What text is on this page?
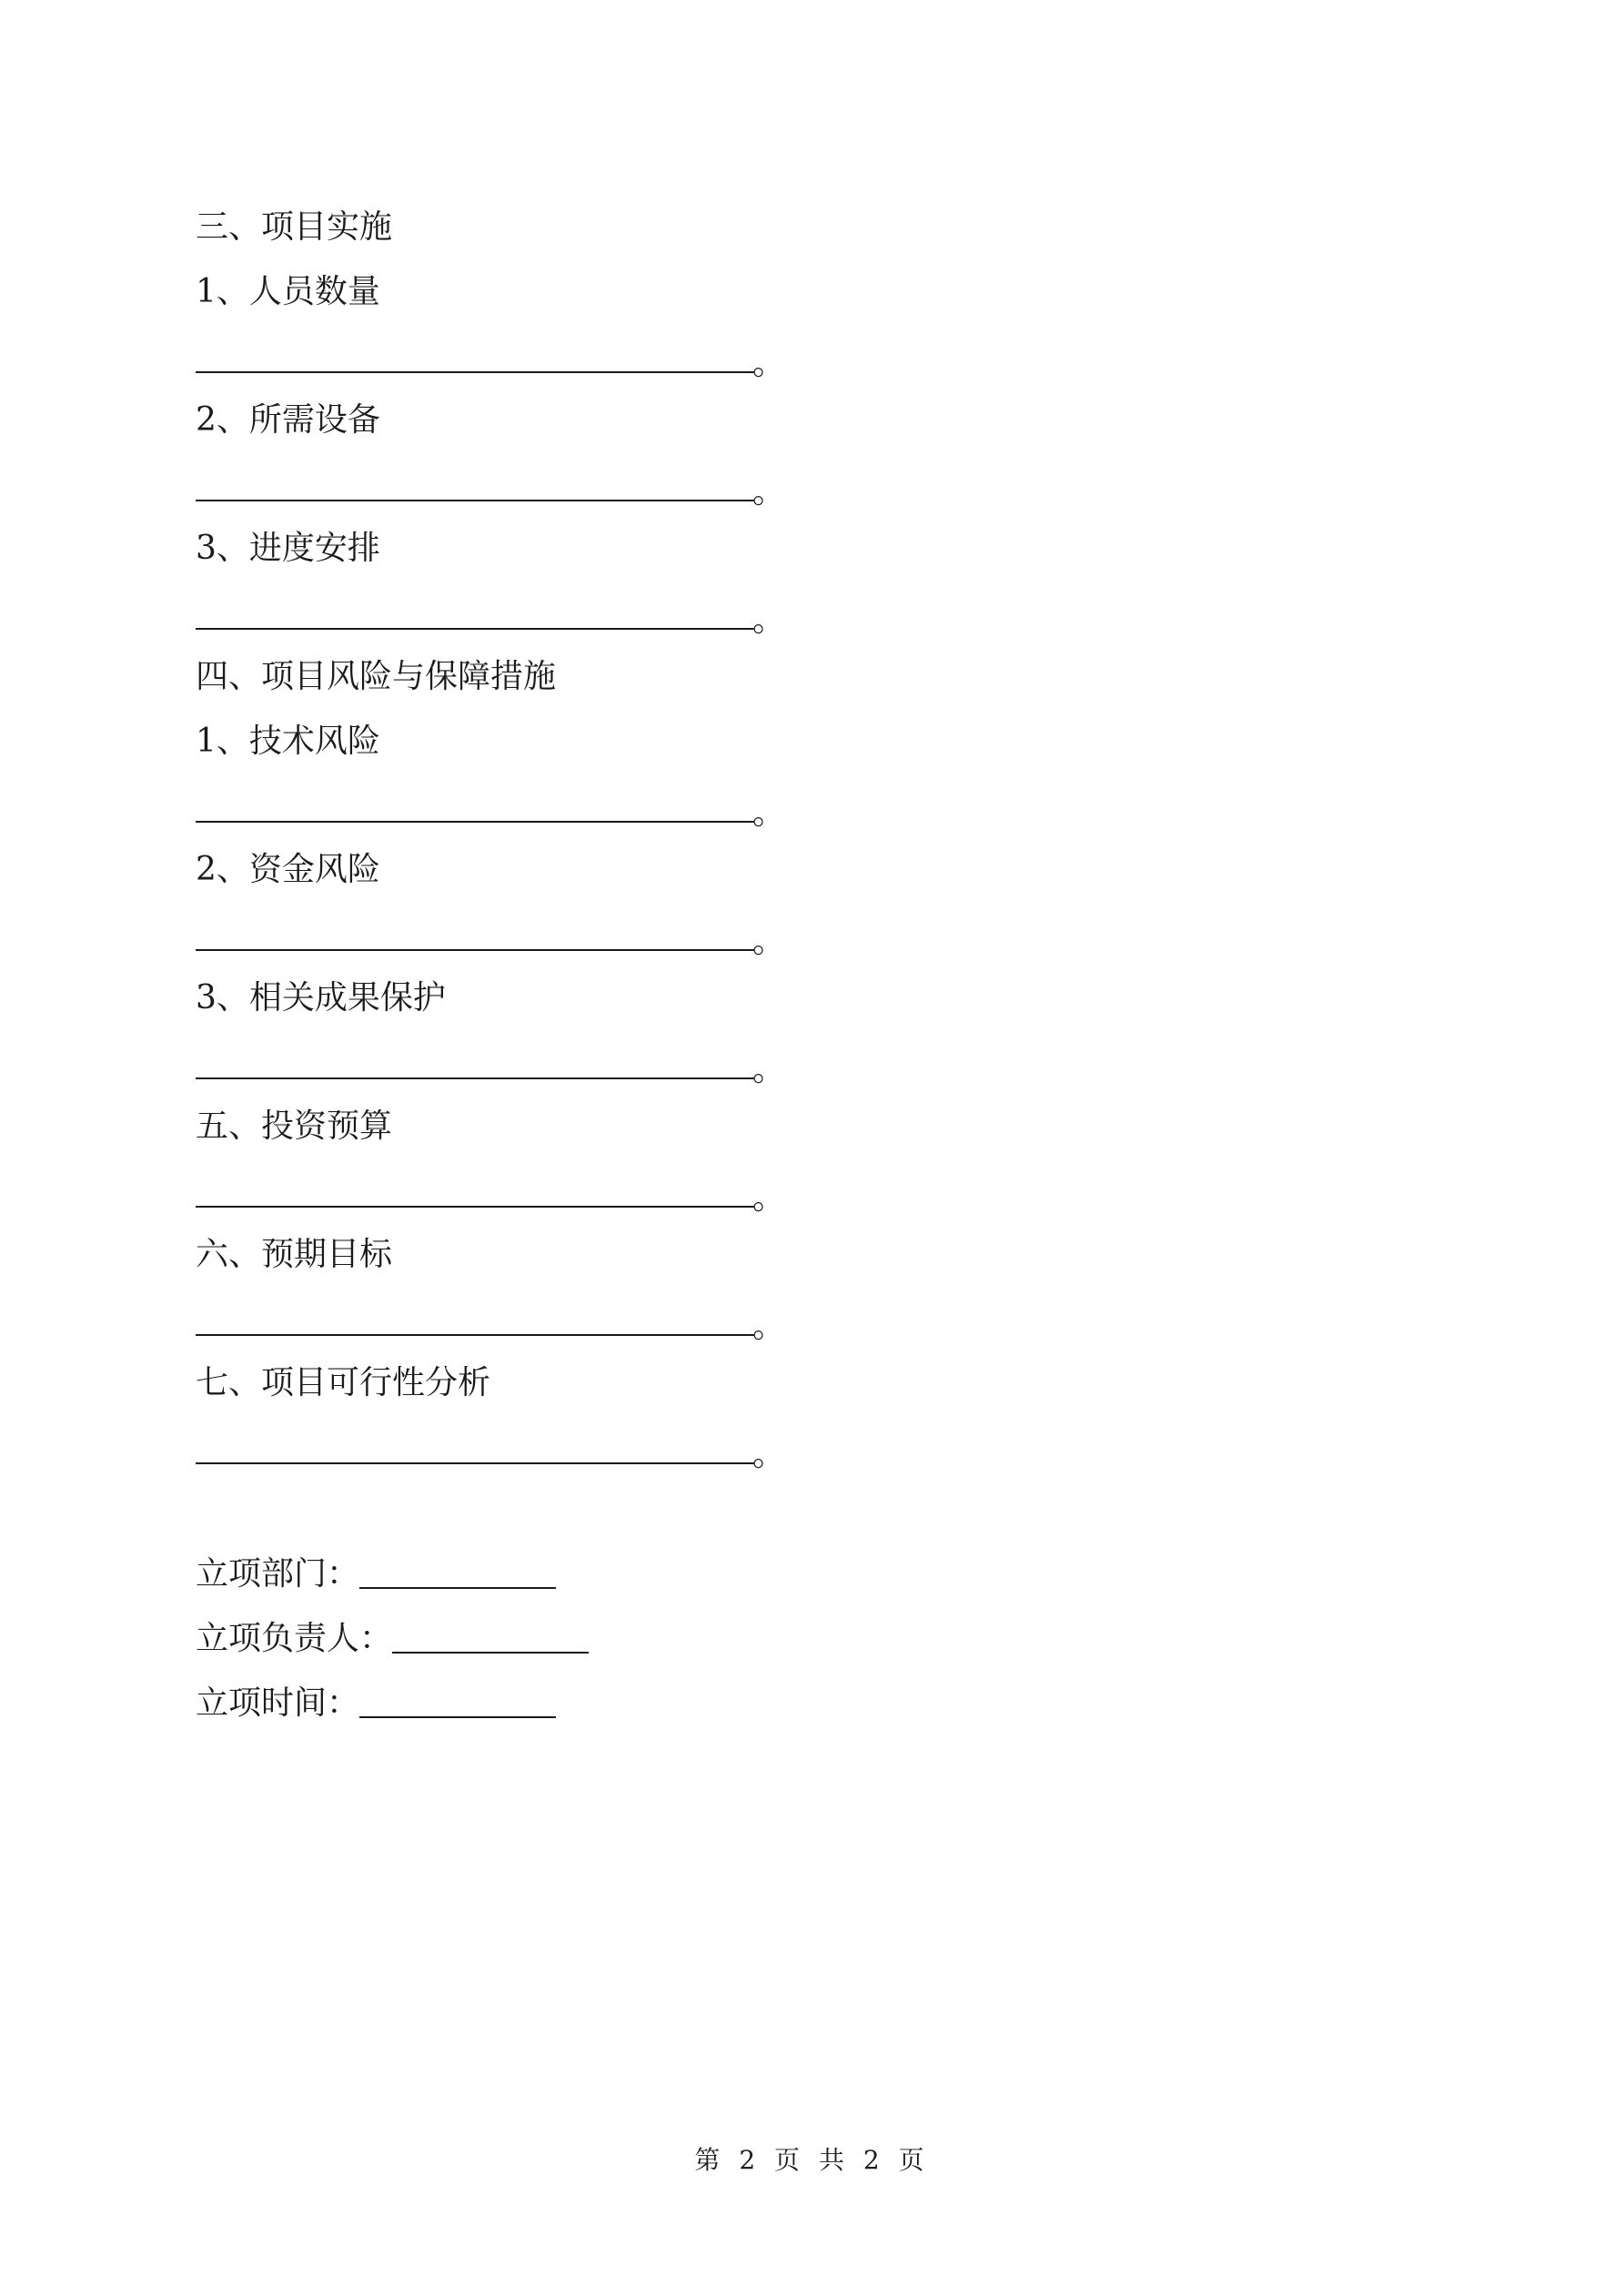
三、项目实施
1、人员数量
。
2、所需设备
。
3、进度安排
。
四、项目风险与保障措施
1、技术风险
。
2、资金风险
。
3、相关成果保护
。
五、投资预算
。
六、预期目标
。
七、项目可行性分析
。
立项部门：
立项负责人：
立项时间：
第 2 页 共 2 页
